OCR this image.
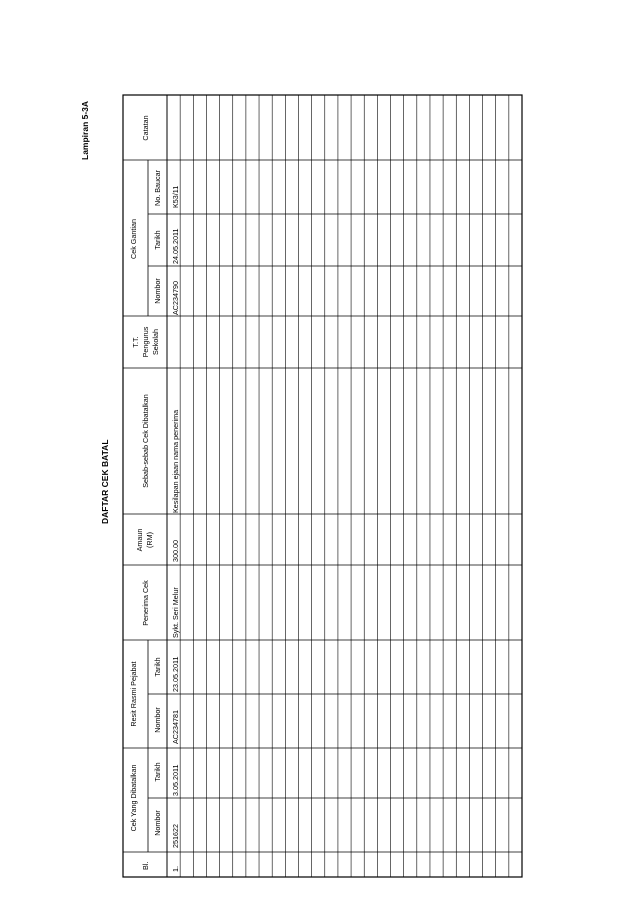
Lampiran 5-3A
DAFTAR CEK BATAL
Bl.
Cek Yang Dibatalkan Nombor
Tarikh
Resit Rasmi Pejabat Nombor
Tarikh
Penerima Cek
Amaun (RM)
Sebab-sebab Cek Dibatalkan
T.T. Pengurus Sekolah
Cek Gantian
Nombor
Tarikh
No. Baucar
Catatan
1.
251622
3.05.2011
AC234781
23.05.2011
Sykt. Seri Melur
300.00
Kesilapan ejaan nama penerima
AC234790
24.05.2011
K53/11
